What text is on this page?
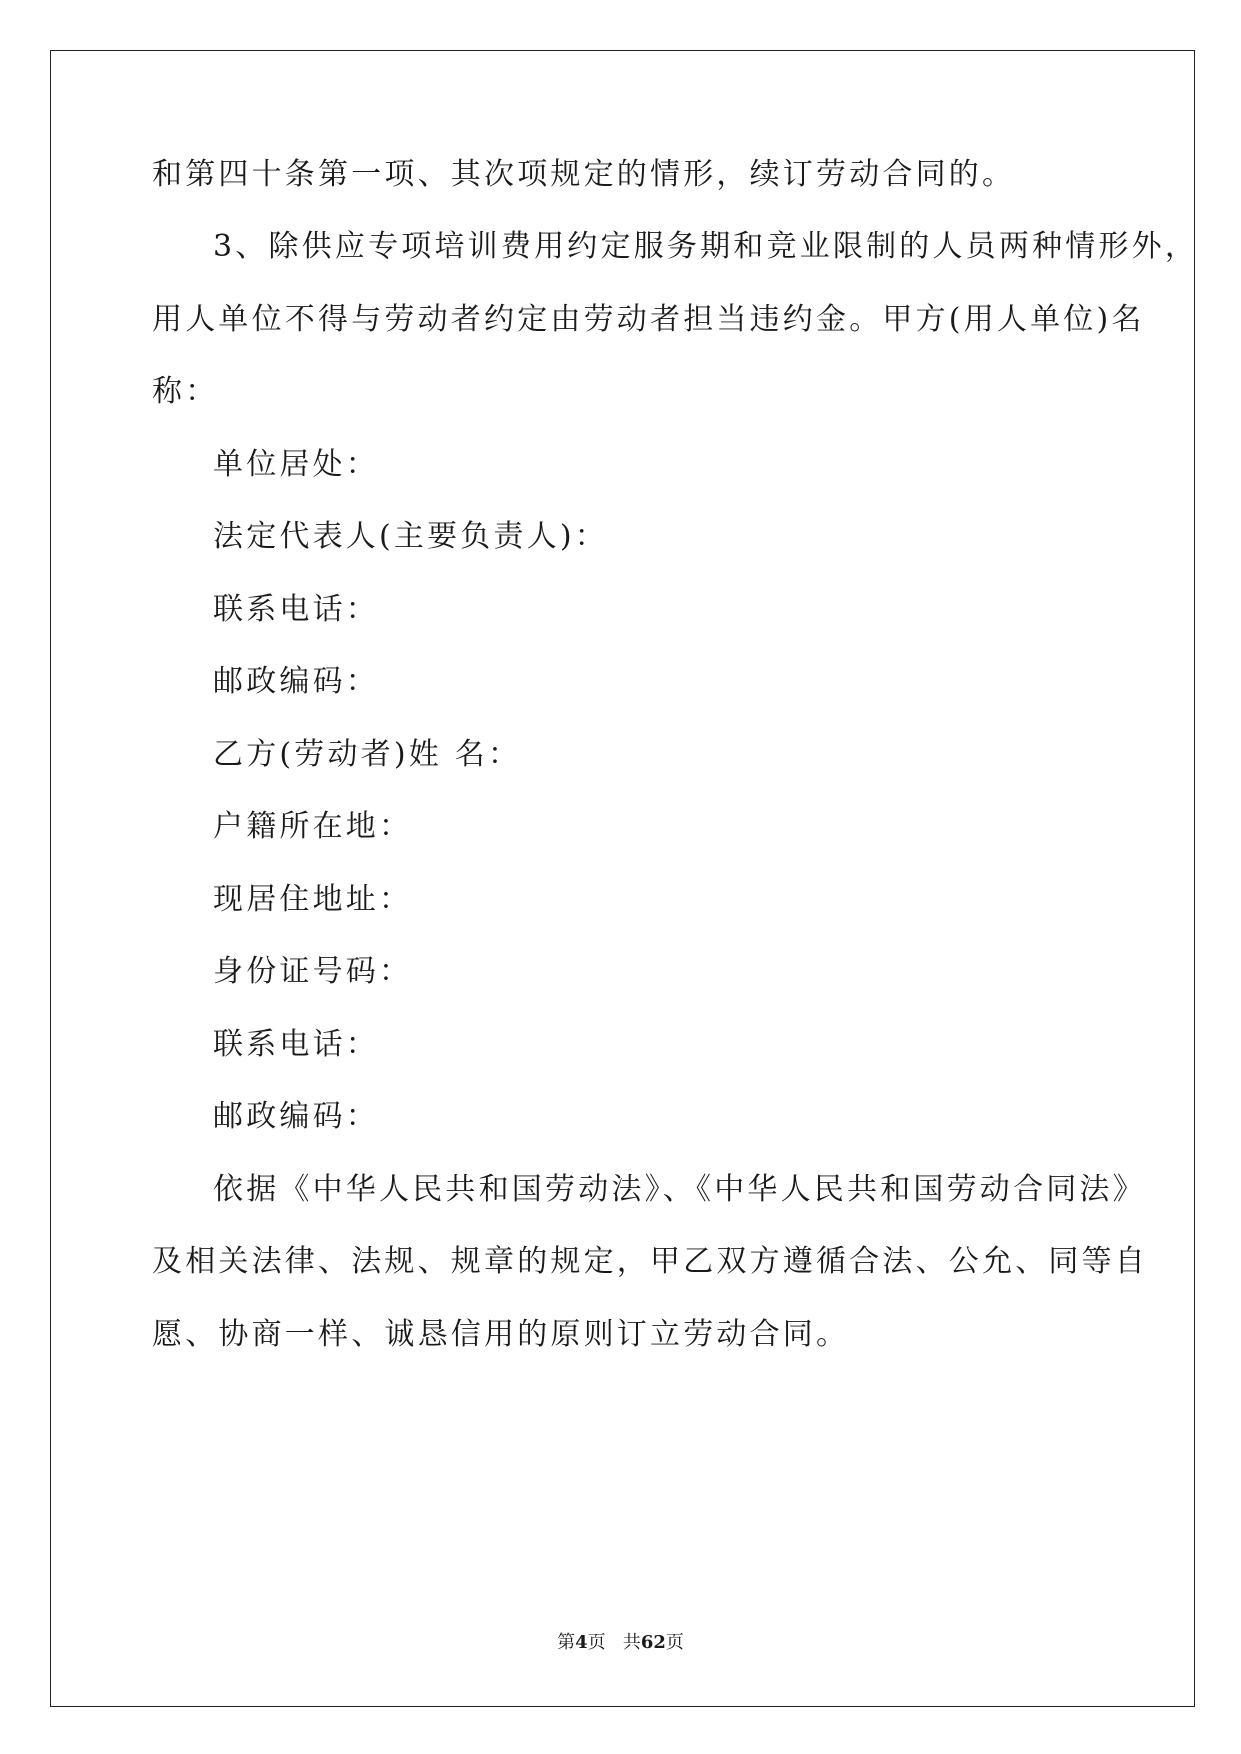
和第四十条第一项、其次项规定的情形，续订劳动合同的。
3、除供应专项培训费用约定服务期和竞业限制的人员两种情形外，
用人单位不得与劳动者约定由劳动者担当违约金。甲方(用人单位)名
称：
单位居处：
法定代表人(主要负责人)：
联系电话：
邮政编码：
乙方(劳动者)姓 名：
户籍所在地：
现居住地址：
身份证号码：
联系电话：
邮政编码：
依据《中华人民共和国劳动法》、《中华人民共和国劳动合同法》
及相关法律、法规、规章的规定，甲乙双方遵循合法、公允、同等自
愿、协商一样、诚恳信用的原则订立劳动合同。
第4页 共62页
